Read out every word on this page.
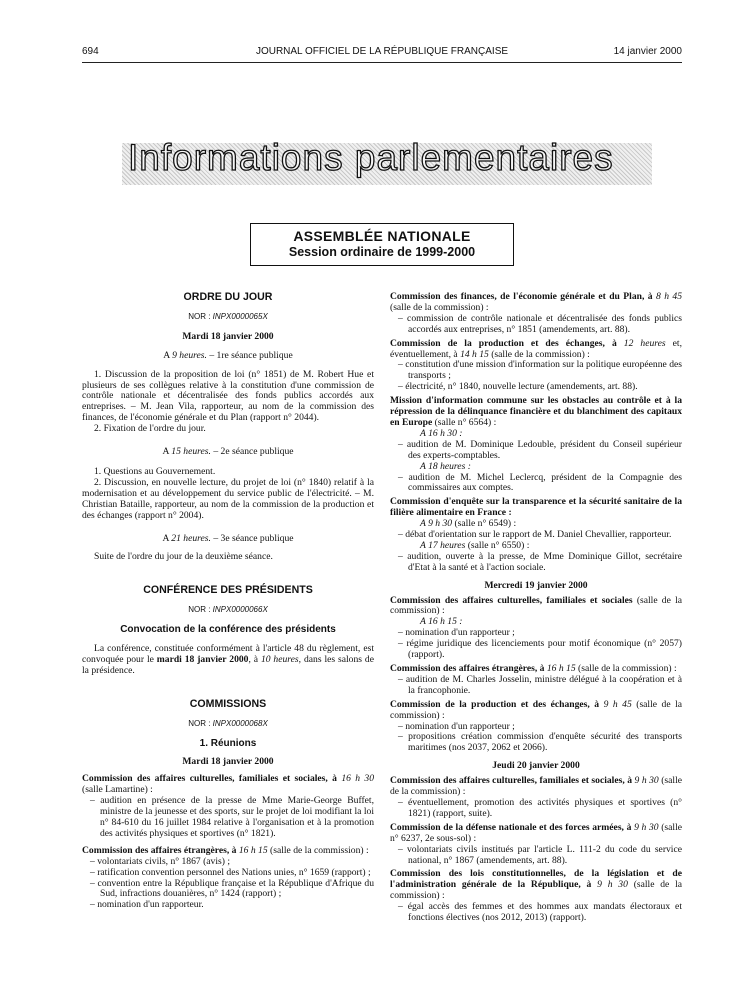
694	JOURNAL OFFICIEL DE LA RÉPUBLIQUE FRANÇAISE	14 janvier 2000
Informations parlementaires
ASSEMBLÉE NATIONALE
Session ordinaire de 1999-2000

ORDRE DU JOUR

NOR : INPX0000065X

Mardi 18 janvier 2000

A 9 heures. – 1re séance publique

1. Discussion de la proposition de loi (n° 1851) de M. Robert Hue et plusieurs de ses collègues relative à la constitution d'une commission de contrôle nationale et décentralisée des fonds publics accordés aux entreprises. – M. Jean Vila, rapporteur, au nom de la commission des finances, de l'économie générale et du Plan (rapport n° 2044).

2. Fixation de l'ordre du jour.

A 15 heures. – 2e séance publique

1. Questions au Gouvernement.

2. Discussion, en nouvelle lecture, du projet de loi (n° 1840) relatif à la modernisation et au développement du service public de l'électricité. – M. Christian Bataille, rapporteur, au nom de la commission de la production et des échanges (rapport n° 2004).

A 21 heures. – 3e séance publique

Suite de l'ordre du jour de la deuxième séance.

CONFÉRENCE DES PRÉSIDENTS

NOR : INPX0000066X

Convocation de la conférence des présidents

La conférence, constituée conformément à l'article 48 du règlement, est convoquée pour le mardi 18 janvier 2000, à 10 heures, dans les salons de la présidence.

COMMISSIONS

NOR : INPX0000068X

1. Réunions

Mardi 18 janvier 2000

Commission des affaires culturelles, familiales et sociales, à 16 h 30 (salle Lamartine) :

– audition en présence de la presse de Mme Marie-George Buffet, ministre de la jeunesse et des sports, sur le projet de loi modifiant la loi n° 84-610 du 16 juillet 1984 relative à l'organisation et à la promotion des activités physiques et sportives (n° 1821).

Commission des affaires étrangères, à 16 h 15 (salle de la commission) :

– volontariats civils, n° 1867 (avis) ;

– ratification convention personnel des Nations unies, n° 1659 (rapport) ;

– convention entre la République française et la République d'Afrique du Sud, infractions douanières, n° 1424 (rapport) ;

– nomination d'un rapporteur.

Commission des finances, de l'économie générale et du Plan, à 8 h 45 (salle de la commission) :

– commission de contrôle nationale et décentralisée des fonds publics accordés aux entreprises, n° 1851 (amendements, art. 88).

Commission de la production et des échanges, à 12 heures et, éventuellement, à 14 h 15 (salle de la commission) :

– constitution d'une mission d'information sur la politique européenne des transports ;

– électricité, n° 1840, nouvelle lecture (amendements, art. 88).

Mission d'information commune sur les obstacles au contrôle et à la répression de la délinquance financière et du blanchiment des capitaux en Europe (salle n° 6564) :

A 16 h 30 :

– audition de M. Dominique Ledouble, président du Conseil supérieur des experts-comptables.

A 18 heures :

– audition de M. Michel Leclercq, président de la Compagnie des commissaires aux comptes.

Commission d'enquête sur la transparence et la sécurité sanitaire de la filière alimentaire en France :

A 9 h 30 (salle n° 6549) :

– débat d'orientation sur le rapport de M. Daniel Chevallier, rapporteur.

A 17 heures (salle n° 6550) :

– audition, ouverte à la presse, de Mme Dominique Gillot, secrétaire d'Etat à la santé et à l'action sociale.

Mercredi 19 janvier 2000

Commission des affaires culturelles, familiales et sociales (salle de la commission) :

A 16 h 15 :

– nomination d'un rapporteur ;

– régime juridique des licenciements pour motif économique (n° 2057) (rapport).

Commission des affaires étrangères, à 16 h 15 (salle de la commission) :

– audition de M. Charles Josselin, ministre délégué à la coopération et à la francophonie.

Commission de la production et des échanges, à 9 h 45 (salle de la commission) :

– nomination d'un rapporteur ;

– propositions création commission d'enquête sécurité des transports maritimes (nos 2037, 2062 et 2066).

Jeudi 20 janvier 2000

Commission des affaires culturelles, familiales et sociales, à 9 h 30 (salle de la commission) :

– éventuellement, promotion des activités physiques et sportives (n° 1821) (rapport, suite).

Commission de la défense nationale et des forces armées, à 9 h 30 (salle n° 6237, 2e sous-sol) :

– volontariats civils institués par l'article L. 111-2 du code du service national, n° 1867 (amendements, art. 88).

Commission des lois constitutionnelles, de la législation et de l'administration générale de la République, à 9 h 30 (salle de la commission) :

– égal accès des femmes et des hommes aux mandats électoraux et fonctions électives (nos 2012, 2013) (rapport).
